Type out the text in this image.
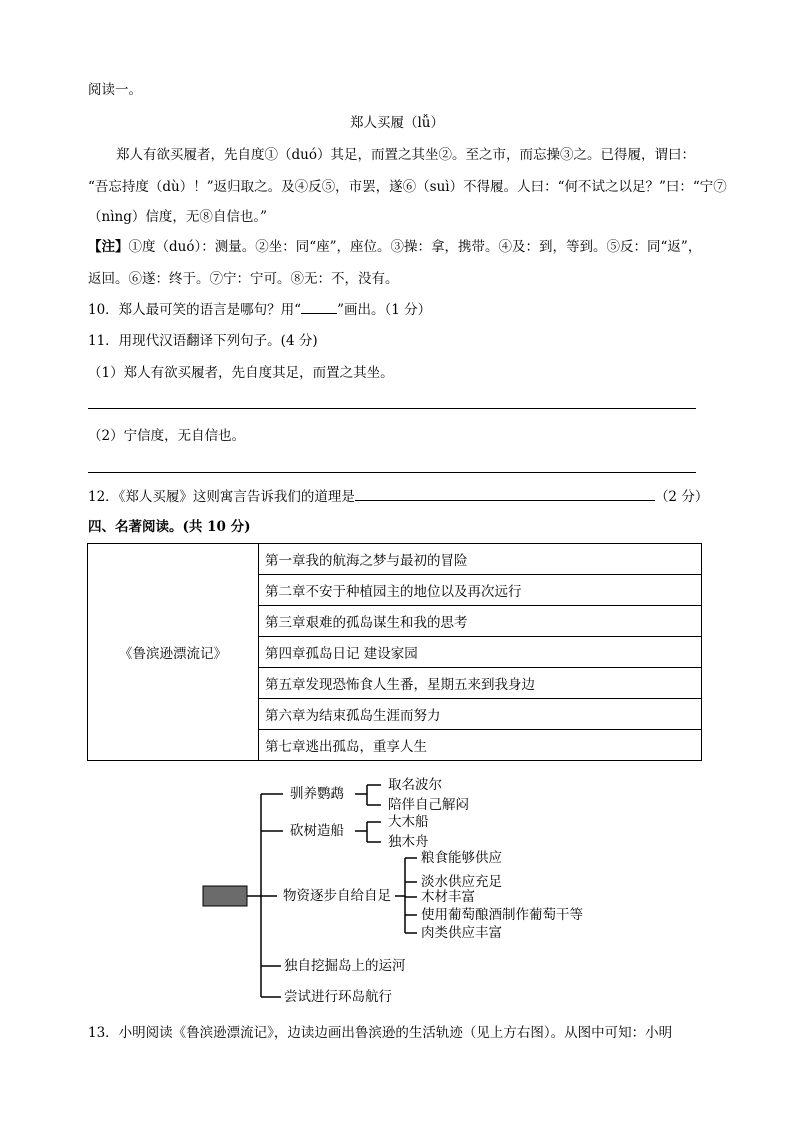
阅读一。
郑人买履（lǚ）
郑人有欲买履者，先自度①（duó）其足，而置之其坐②。至之市，而忘操③之。已得履，谓曰：
“吾忘持度（dù）！”返归取之。及④反⑤，市罢，遂⑥（suì）不得履。人曰：“何不试之以足？”曰：“宁⑦
（nìng）信度，无⑧自信也。”
【注】①度（duó）：测量。②坐：同“座”，座位。③操：拿，携带。④及：到，等到。⑤反：同“返”，
返回。⑥遂：终于。⑦宁：宁可。⑧无：不，没有。
10．郑人最可笑的语言是哪句？用“	”画出。（1 分）
11．用现代汉语翻译下列句子。(4 分)
（1）郑人有欲买履者，先自度其足，而置之其坐。
（2）宁信度，无自信也。
12．《郑人买履》这则寓言告诉我们的道理是	（2 分）
四、名著阅读。(共 10 分)
《鲁滨逊漂流记》	第一章我的航海之梦与最初的冒险
第二章不安于种植园主的地位以及再次远行
第三章艰难的孤岛谋生和我的思考
第四章孤岛日记 建设家园
第五章发现恐怖食人生番，星期五来到我身边
第六章为结束孤岛生涯而努力
第七章逃出孤岛，重享人生
驯养鹦鹉
取名波尔
陪伴自己解闷
砍树造船
大木船
独木舟
物资逐步自给自足
粮食能够供应
淡水供应充足
木材丰富
使用葡萄酿酒制作葡萄干等
肉类供应丰富
独自挖掘岛上的运河
尝试进行环岛航行
13．小明阅读《鲁滨逊漂流记》，边读边画出鲁滨逊的生活轨迹（见上方右图）。从图中可知：小明
